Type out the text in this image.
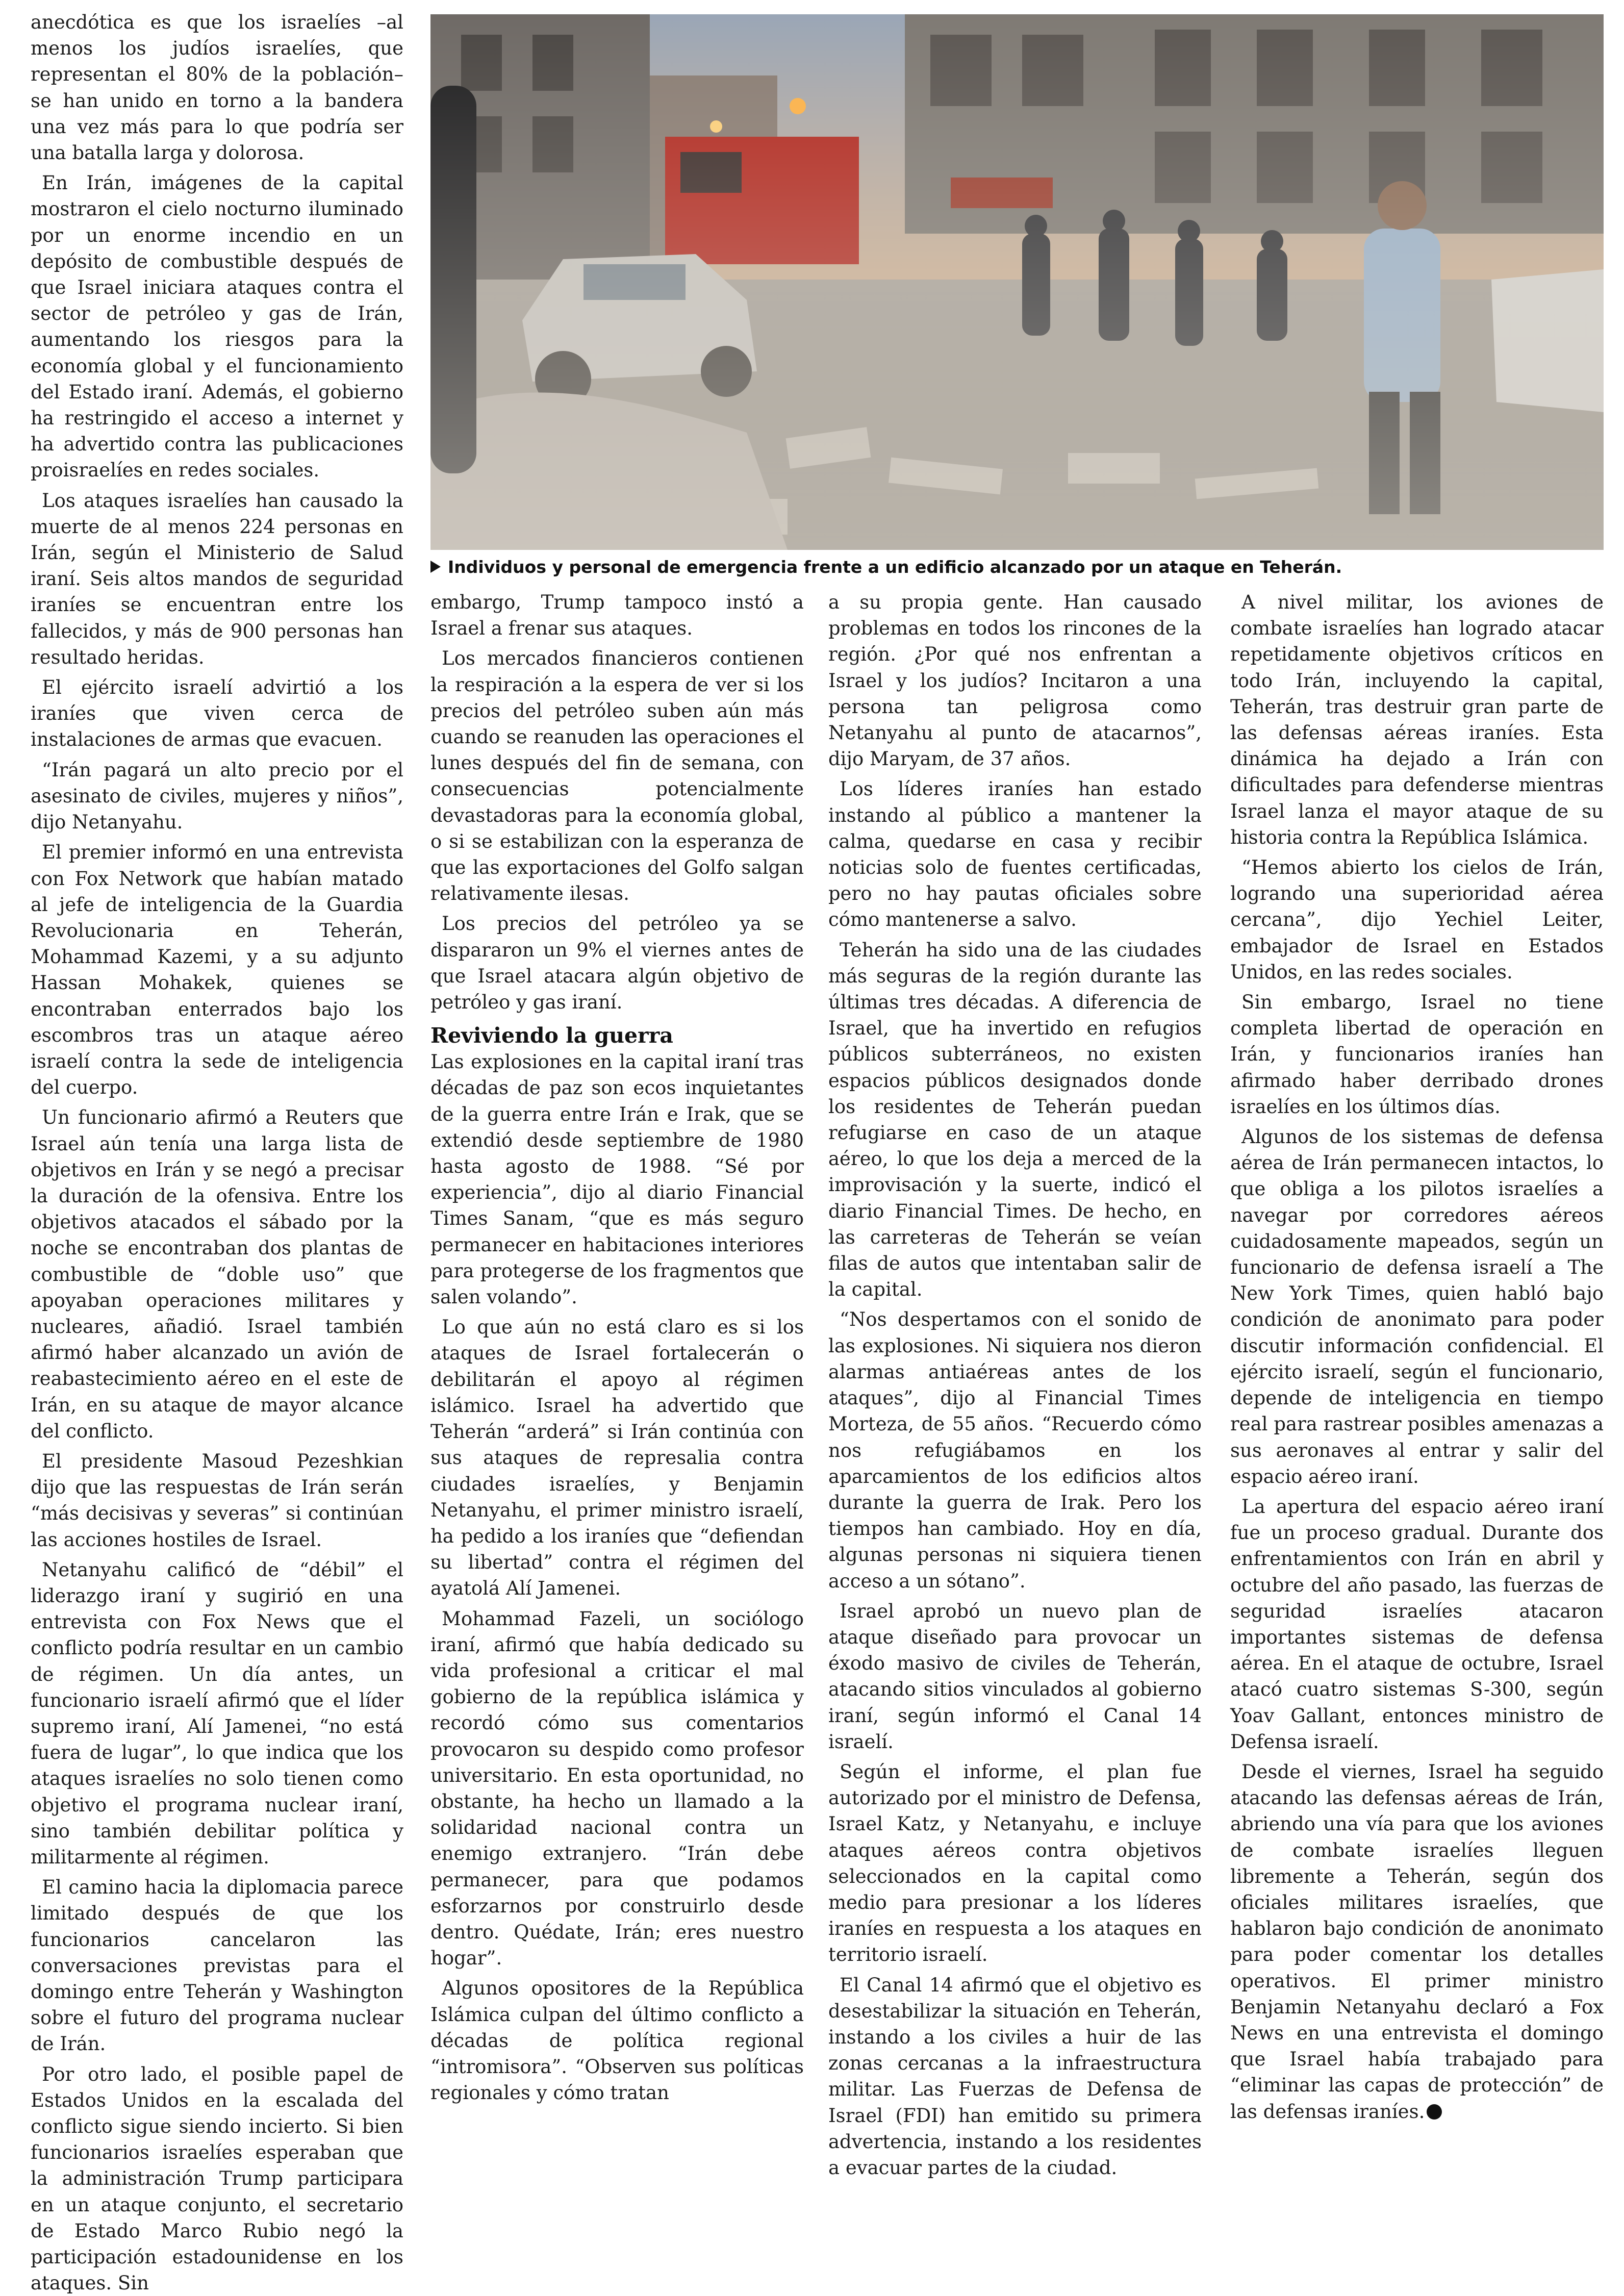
anecdótica es que los israelíes –al menos los judíos israelíes, que representan el 80% de la población– se han unido en torno a la bandera una vez más para lo que podría ser una batalla larga y dolorosa.

En Irán, imágenes de la capital mostraron el cielo nocturno iluminado por un enorme incendio en un depósito de combustible después de que Israel iniciara ataques contra el sector de petróleo y gas de Irán, aumentando los riesgos para la economía global y el funcionamiento del Estado iraní. Además, el gobierno ha restringido el acceso a internet y ha advertido contra las publicaciones proisraelíes en redes sociales.

Los ataques israelíes han causado la muerte de al menos 224 personas en Irán, según el Ministerio de Salud iraní. Seis altos mandos de seguridad iraníes se encuentran entre los fallecidos, y más de 900 personas han resultado heridas.

El ejército israelí advirtió a los iraníes que viven cerca de instalaciones de armas que evacuen.

“Irán pagará un alto precio por el asesinato de civiles, mujeres y niños”, dijo Netanyahu.

El premier informó en una entrevista con Fox Network que habían matado al jefe de inteligencia de la Guardia Revolucionaria en Teherán, Mohammad Kazemi, y a su adjunto Hassan Mohakek, quienes se encontraban enterrados bajo los escombros tras un ataque aéreo israelí contra la sede de inteligencia del cuerpo.

Un funcionario afirmó a Reuters que Israel aún tenía una larga lista de objetivos en Irán y se negó a precisar la duración de la ofensiva. Entre los objetivos atacados el sábado por la noche se encontraban dos plantas de combustible de “doble uso” que apoyaban operaciones militares y nucleares, añadió. Israel también afirmó haber alcanzado un avión de reabastecimiento aéreo en el este de Irán, en su ataque de mayor alcance del conflicto.

El presidente Masoud Pezeshkian dijo que las respuestas de Irán serán “más decisivas y severas” si continúan las acciones hostiles de Israel.

Netanyahu calificó de “débil” el liderazgo iraní y sugirió en una entrevista con Fox News que el conflicto podría resultar en un cambio de régimen. Un día antes, un funcionario israelí afirmó que el líder supremo iraní, Alí Jamenei, “no está fuera de lugar”, lo que indica que los ataques israelíes no solo tienen como objetivo el programa nuclear iraní, sino también debilitar política y militarmente al régimen.

El camino hacia la diplomacia parece limitado después de que los funcionarios cancelaron las conversaciones previstas para el domingo entre Teherán y Washington sobre el futuro del programa nuclear de Irán.

Por otro lado, el posible papel de Estados Unidos en la escalada del conflicto sigue siendo incierto. Si bien funcionarios israelíes esperaban que la administración Trump participara en un ataque conjunto, el secretario de Estado Marco Rubio negó la participación estadounidense en los ataques. Sin

Individuos y personal de emergencia frente a un edificio alcanzado por un ataque en Teherán.

embargo, Trump tampoco instó a Israel a frenar sus ataques.

Los mercados financieros contienen la respiración a la espera de ver si los precios del petróleo suben aún más cuando se reanuden las operaciones el lunes después del fin de semana, con consecuencias potencialmente devastadoras para la economía global, o si se estabilizan con la esperanza de que las exportaciones del Golfo salgan relativamente ilesas.

Los precios del petróleo ya se dispararon un 9% el viernes antes de que Israel atacara algún objetivo de petróleo y gas iraní.

Reviviendo la guerra

Las explosiones en la capital iraní tras décadas de paz son ecos inquietantes de la guerra entre Irán e Irak, que se extendió desde septiembre de 1980 hasta agosto de 1988. “Sé por experiencia”, dijo al diario Financial Times Sanam, “que es más seguro permanecer en habitaciones interiores para protegerse de los fragmentos que salen volando”.

Lo que aún no está claro es si los ataques de Israel fortalecerán o debilitarán el apoyo al régimen islámico. Israel ha advertido que Teherán “arderá” si Irán continúa con sus ataques de represalia contra ciudades israelíes, y Benjamin Netanyahu, el primer ministro israelí, ha pedido a los iraníes que “defiendan su libertad” contra el régimen del ayatolá Alí Jamenei.

Mohammad Fazeli, un sociólogo iraní, afirmó que había dedicado su vida profesional a criticar el mal gobierno de la república islámica y recordó cómo sus comentarios provocaron su despido como profesor universitario. En esta oportunidad, no obstante, ha hecho un llamado a la solidaridad nacional contra un enemigo extranjero. “Irán debe permanecer, para que podamos esforzarnos por construirlo desde dentro. Quédate, Irán; eres nuestro hogar”.

Algunos opositores de la República Islámica culpan del último conflicto a décadas de política regional “intromisora”. “Observen sus políticas regionales y cómo tratan

a su propia gente. Han causado problemas en todos los rincones de la región. ¿Por qué nos enfrentan a Israel y los judíos? Incitaron a una persona tan peligrosa como Netanyahu al punto de atacarnos”, dijo Maryam, de 37 años.

Los líderes iraníes han estado instando al público a mantener la calma, quedarse en casa y recibir noticias solo de fuentes certificadas, pero no hay pautas oficiales sobre cómo mantenerse a salvo.

Teherán ha sido una de las ciudades más seguras de la región durante las últimas tres décadas. A diferencia de Israel, que ha invertido en refugios públicos subterráneos, no existen espacios públicos designados donde los residentes de Teherán puedan refugiarse en caso de un ataque aéreo, lo que los deja a merced de la improvisación y la suerte, indicó el diario Financial Times. De hecho, en las carreteras de Teherán se veían filas de autos que intentaban salir de la capital.

“Nos despertamos con el sonido de las explosiones. Ni siquiera nos dieron alarmas antiaéreas antes de los ataques”, dijo al Financial Times Morteza, de 55 años. “Recuerdo cómo nos refugiábamos en los aparcamientos de los edificios altos durante la guerra de Irak. Pero los tiempos han cambiado. Hoy en día, algunas personas ni siquiera tienen acceso a un sótano”.

Israel aprobó un nuevo plan de ataque diseñado para provocar un éxodo masivo de civiles de Teherán, atacando sitios vinculados al gobierno iraní, según informó el Canal 14 israelí.

Según el informe, el plan fue autorizado por el ministro de Defensa, Israel Katz, y Netanyahu, e incluye ataques aéreos contra objetivos seleccionados en la capital como medio para presionar a los líderes iraníes en respuesta a los ataques en territorio israelí.

El Canal 14 afirmó que el objetivo es desestabilizar la situación en Teherán, instando a los civiles a huir de las zonas cercanas a la infraestructura militar. Las Fuerzas de Defensa de Israel (FDI) han emitido su primera advertencia, instando a los residentes a evacuar partes de la ciudad.

A nivel militar, los aviones de combate israelíes han logrado atacar repetidamente objetivos críticos en todo Irán, incluyendo la capital, Teherán, tras destruir gran parte de las defensas aéreas iraníes. Esta dinámica ha dejado a Irán con dificultades para defenderse mientras Israel lanza el mayor ataque de su historia contra la República Islámica.

“Hemos abierto los cielos de Irán, logrando una superioridad aérea cercana”, dijo Yechiel Leiter, embajador de Israel en Estados Unidos, en las redes sociales.

Sin embargo, Israel no tiene completa libertad de operación en Irán, y funcionarios iraníes han afirmado haber derribado drones israelíes en los últimos días.

Algunos de los sistemas de defensa aérea de Irán permanecen intactos, lo que obliga a los pilotos israelíes a navegar por corredores aéreos cuidadosamente mapeados, según un funcionario de defensa israelí a The New York Times, quien habló bajo condición de anonimato para poder discutir información confidencial. El ejército israelí, según el funcionario, depende de inteligencia en tiempo real para rastrear posibles amenazas a sus aeronaves al entrar y salir del espacio aéreo iraní.

La apertura del espacio aéreo iraní fue un proceso gradual. Durante dos enfrentamientos con Irán en abril y octubre del año pasado, las fuerzas de seguridad israelíes atacaron importantes sistemas de defensa aérea. En el ataque de octubre, Israel atacó cuatro sistemas S-300, según Yoav Gallant, entonces ministro de Defensa israelí.

Desde el viernes, Israel ha seguido atacando las defensas aéreas de Irán, abriendo una vía para que los aviones de combate israelíes lleguen libremente a Teherán, según dos oficiales militares israelíes, que hablaron bajo condición de anonimato para poder comentar los detalles operativos. El primer ministro Benjamin Netanyahu declaró a Fox News en una entrevista el domingo que Israel había trabajado para “eliminar las capas de protección” de las defensas iraníes.
